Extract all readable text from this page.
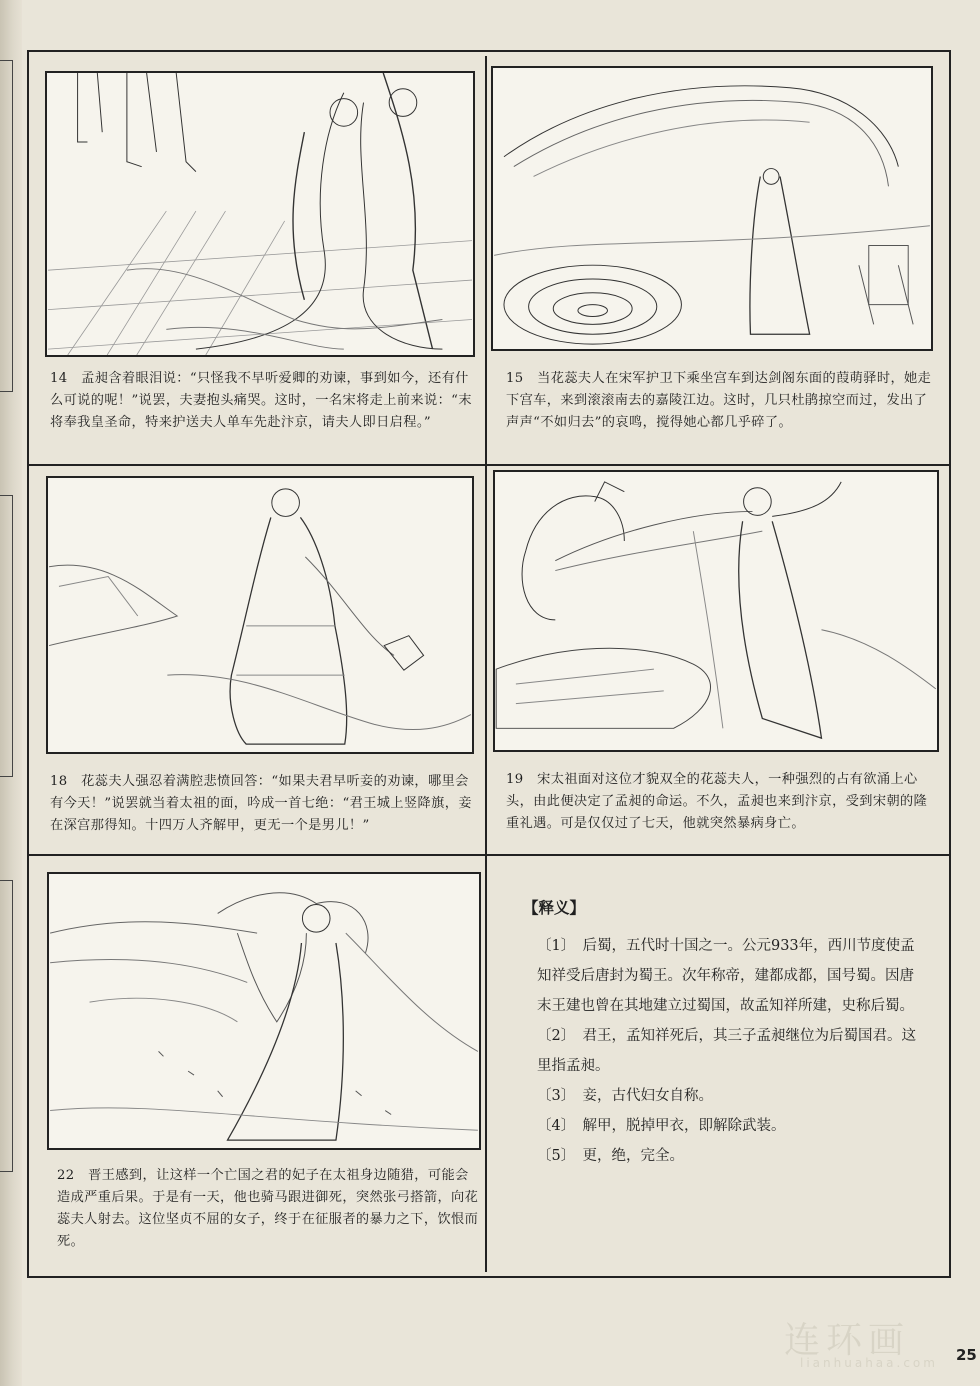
14　孟昶含着眼泪说：“只怪我不早听爱卿的劝谏，事到如今，还有什么可说的呢！”说罢，夫妻抱头痛哭。这时，一名宋将走上前来说：“末将奉我皇圣命，特来护送夫人单车先赴汴京，请夫人即日启程。”
15　当花蕊夫人在宋军护卫下乘坐宫车到达剑阁东面的葭萌驿时，她走下宫车，来到滚滚南去的嘉陵江边。这时，几只杜鹃掠空而过，发出了声声“不如归去”的哀鸣，搅得她心都几乎碎了。
18　花蕊夫人强忍着满腔悲愤回答：“如果夫君早听妾的劝谏，哪里会有今天！”说罢就当着太祖的面，吟成一首七绝：“君王城上竖降旗，妾在深宫那得知。十四万人齐解甲，更无一个是男儿！”
19　宋太祖面对这位才貌双全的花蕊夫人，一种强烈的占有欲涌上心头，由此便决定了孟昶的命运。不久，孟昶也来到汴京，受到宋朝的隆重礼遇。可是仅仅过了七天，他就突然暴病身亡。
22　晋王感到，让这样一个亡国之君的妃子在太祖身边随猎，可能会造成严重后果。于是有一天，他也骑马跟进御死，突然张弓搭箭，向花蕊夫人射去。这位坚贞不屈的女子，终于在征服者的暴力之下，饮恨而死。
【释义】

〔1〕　后蜀，五代时十国之一。公元933年，西川节度使孟知祥受后唐封为蜀王。次年称帝，建都成都，国号蜀。因唐末王建也曾在其地建立过蜀国，故孟知祥所建，史称后蜀。

〔2〕　君王，孟知祥死后，其三子孟昶继位为后蜀国君。这里指孟昶。

〔3〕　妾，古代妇女自称。

〔4〕　解甲，脱掉甲衣，即解除武装。

〔5〕　更，绝，完全。

连环画
lianhuahaa.com 25
